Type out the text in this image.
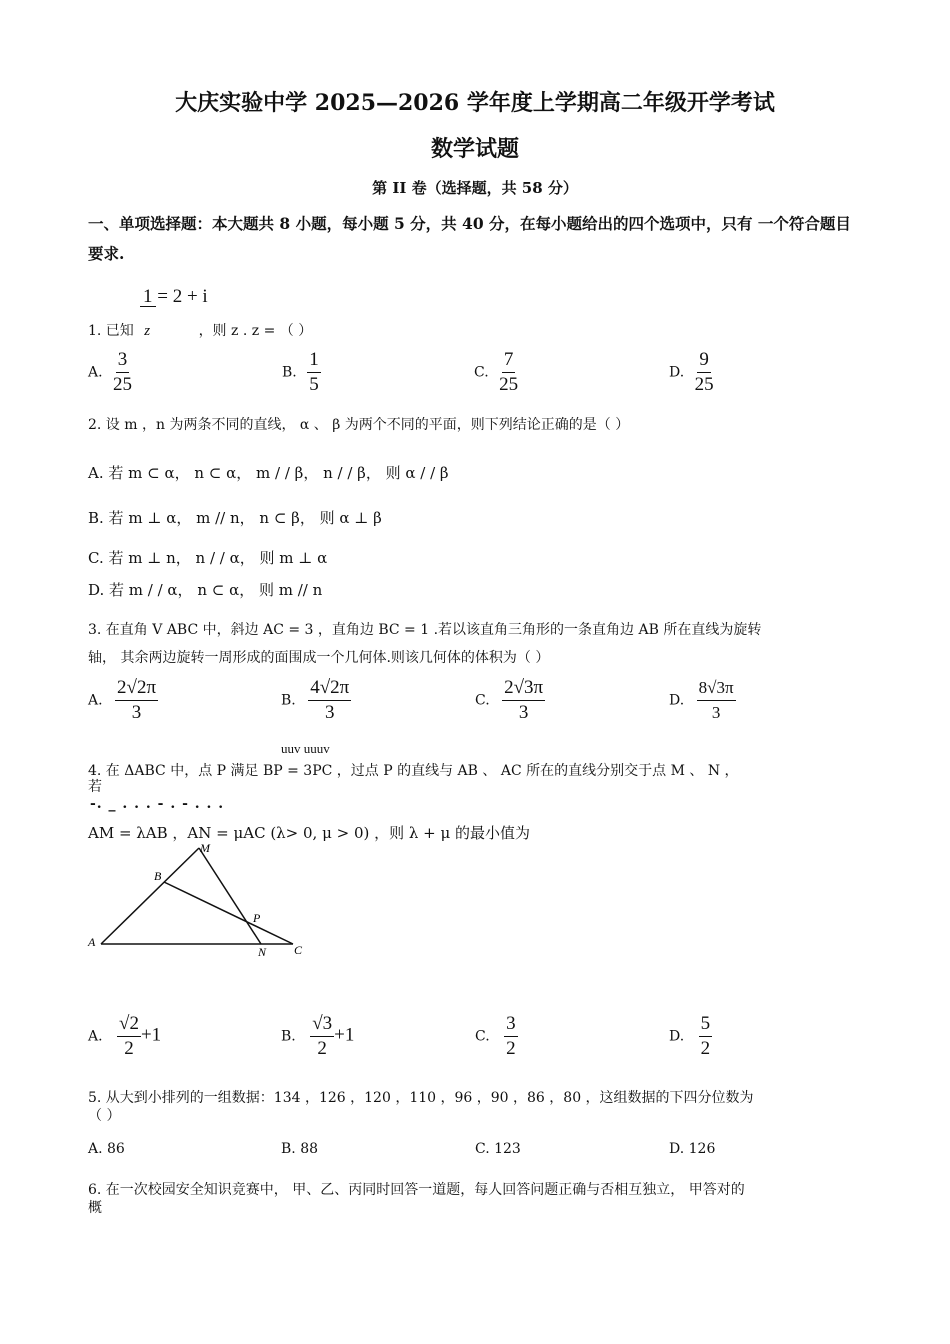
大庆实验中学 2025—2026 学年度上学期高二年级开学考试
数学试题
第 II 卷（选择题，共 58 分）
一、单项选择题：本大题共 8 小题，每小题 5 分，共 40 分，在每小题给出的四个选项中，只有 一个符合题目要求.
1 = 2 + i
1. 已知 z	，则 z . z = （ ）
A. $\frac{3}{25}$	B. $\frac{1}{5}$	C. $\frac{7}{25}$	D. $\frac{9}{25}$
2. 设 m ，n 为两条不同的直线， α 、 β 为两个不同的平面，则下列结论正确的是（ ）
A. 若 m ⊂ α， n ⊂ α， m / / β， n / / β， 则 α / / β
B. 若 m ⊥ α， m // n， n ⊂ β， 则 α ⊥ β
C. 若 m ⊥ n， n / / α， 则 m ⊥ α
D. 若 m / / α， n ⊂ α， 则 m // n
3. 在直角 V ABC 中，斜边 AC = 3 ，直角边 BC = 1 .若以该直角三角形的一条直角边 AB 所在直线为旋转
轴， 其余两边旋转一周形成的面围成一个几何体.则该几何体的体积为（ ）
A. $\frac{2√2\pi}{3}$	B. $\frac{4√2\pi}{3}$	C. $\frac{2√3\pi}{3}$	D. $\frac{8√3\pi}{3}$
uuv uuuv
4. 在 ΔABC 中，点 P 满足 BP = 3PC ，过点 P 的直线与 AB 、 AC 所在的直线分别交于点 M 、 N ，
若
-. _ . . . - . - . . .
AM = λAB ，AN = μAC (λ> 0, μ > 0) ，则 λ + μ 的最小值为
A
B
M
P
N C
A. $\frac{√2}{2} +1$	B. $\frac{√3}{2} +1$	C. $\frac{3}{2}$	D. $\frac{5}{2}$
5. 从大到小排列的一组数据：134 ，126 ，120 ，110 ，96 ，90 ，86 ，80 ，这组数据的下四分位数为
（ ）
A. 86	B. 88	C. 123	D. 126
6. 在一次校园安全知识竞赛中， 甲、乙、丙同时回答一道题，每人回答问题正确与否相互独立， 甲答对的
概
